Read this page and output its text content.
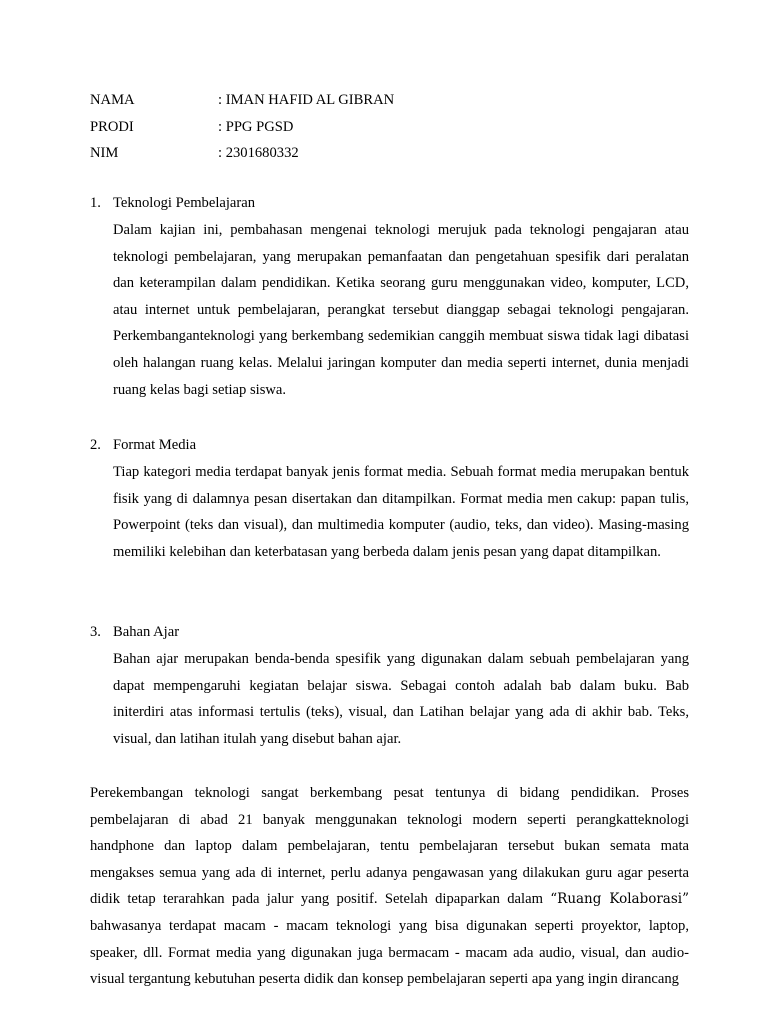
NAMA	: IMAN HAFID AL GIBRAN
PRODI	: PPG PGSD
NIM	: 2301680332
1. Teknologi Pembelajaran
Dalam kajian ini, pembahasan mengenai teknologi merujuk pada teknologi pengajaran atau teknologi pembelajaran, yang merupakan pemanfaatan dan pengetahuan spesifik dari peralatan dan keterampilan dalam pendidikan. Ketika seorang guru menggunakan video, komputer, LCD, atau internet untuk pembelajaran, perangkat tersebut dianggap sebagai teknologi pengajaran. Perkembanganteknologi yang berkembang sedemikian canggih membuat siswa tidak lagi dibatasi oleh halangan ruang kelas. Melalui jaringan komputer dan media seperti internet, dunia menjadi ruang kelas bagi setiap siswa.
2. Format Media
Tiap kategori media terdapat banyak jenis format media. Sebuah format media merupakan bentuk fisik yang di dalamnya pesan disertakan dan ditampilkan. Format media men cakup: papan tulis, Powerpoint (teks dan visual), dan multimedia komputer (audio, teks, dan video). Masing-masing memiliki kelebihan dan keterbatasan yang berbeda dalam jenis pesan yang dapat ditampilkan.
3. Bahan Ajar
Bahan ajar merupakan benda-benda spesifik yang digunakan dalam sebuah pembelajaran yang dapat mempengaruhi kegiatan belajar siswa. Sebagai contoh adalah bab dalam buku. Bab initerdiri atas informasi tertulis (teks), visual, dan Latihan belajar yang ada di akhir bab. Teks, visual, dan latihan itulah yang disebut bahan ajar.
Perekembangan teknologi sangat berkembang pesat tentunya di bidang pendidikan. Proses pembelajaran di abad 21 banyak menggunakan teknologi modern seperti perangkatteknologi handphone dan laptop dalam pembelajaran, tentu pembelajaran tersebut bukan semata mata mengakses semua yang ada di internet, perlu adanya pengawasan yang dilakukan guru agar peserta didik tetap terarahkan pada jalur yang positif. Setelah dipaparkan dalam “Ruang Kolaborasi” bahwasanya terdapat macam - macam teknologi yang bisa digunakan seperti proyektor, laptop, speaker, dll. Format media yang digunakan juga bermacam - macam ada audio, visual, dan audio-visual tergantung kebutuhan peserta didik dan konsep pembelajaran seperti apa yang ingin dirancang
